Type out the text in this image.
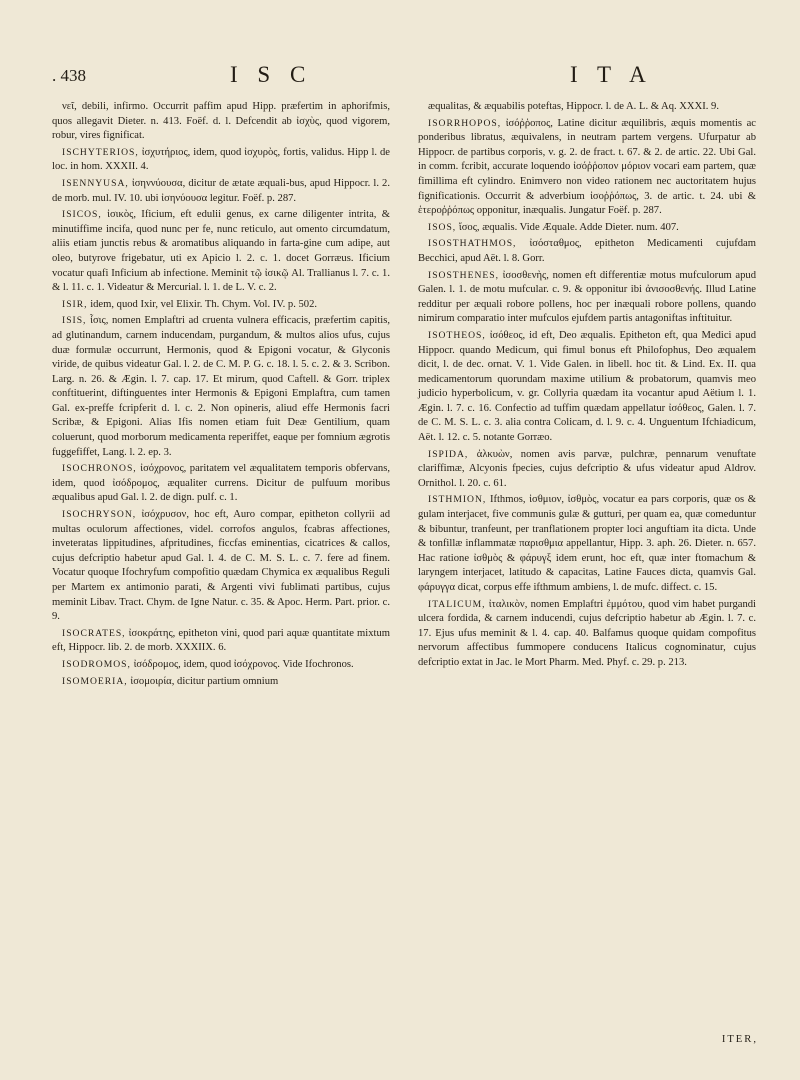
. 438	I S C	I T A

νεῖ, debili, infirmo. Occurrit paffim apud Hipp. præfertim in aphorifmis, quos allegavit Dieter. n. 413. Foëf. d. l. Defcendit ab ἰσχὺς, quod vigorem, robur, vires fignificat.

ISCHYTERIOS, ἰσχυτήριος, idem, quod ἰσχυρὸς, fortis, validus. Hipp l. de loc. in hom. XXXII. 4.

ISENNYUSA, ἰσηννύουσα, dicitur de ætate æquali-bus, apud Hippocr. l. 2. de morb. mul. IV. 10. ubi ἰσηνύουσα legitur. Foëf. p. 287.

ISICOS, ἰσικὸς, Ificium, eft edulii genus, ex carne diligenter intrita, & minutiffime incifa, quod nunc per fe, nunc reticulo, aut omento circumdatum, aliis etiam junctis rebus & aromatibus aliquando in farta-gine cum adipe, aut oleo, butyrove frigebatur, uti ex Apicio l. 2. c. 1. docet Gorræus. Ificium vocatur quafi Inficium ab infectione. Meminit τῷ ἰσικῷ Al. Trallianus l. 7. c. 1. & l. 11. c. 1. Videatur & Mercurial. l. 1. de L. V. c. 2.

ISIR, idem, quod Ixir, vel Elixir. Th. Chym. Vol. IV. p. 502.

ISIS, ἶσις, nomen Emplaftri ad cruenta vulnera efficacis, præfertim capitis, ad glutinandum, carnem inducendam, purgandum, & multos alios ufus, cujus duæ formulæ occurrunt, Hermonis, quod & Epigoni vocatur, & Glyconis viride, de quibus videatur Gal. l. 2. de C. M. P. G. c. 18. l. 5. c. 2. & 3. Scribon. Larg. n. 26. & Ægin. l. 7. cap. 17. Et mirum, quod Caftell. & Gorr. triplex conftituerint, diftinguentes inter Hermonis & Epigoni Emplaftra, cum tamen Gal. ex-preffe fcripferit d. l. c. 2. Non opineris, aliud effe Hermonis facri Scribæ, & Epigoni. Alias Ifis nomen etiam fuit Deæ Gentilium, quam coluerunt, quod morborum medicamenta reperiffet, eaque per fomnium ægrotis fuggefiffet, Lang. l. 2. ep. 3.

ISOCHRONOS, ἰσόχρονος, paritatem vel æqualitatem temporis obfervans, idem, quod ἰσόδρομος, æqualiter currens. Dicitur de pulfuum moribus æqualibus apud Gal. l. 2. de dign. pulf. c. 1.

ISOCHRYSON, ἰσόχρυσον, hoc eft, Auro compar, epitheton collyrii ad multas oculorum affectiones, videl. corrofos angulos, fcabras affectiones, inveteratas lippitudines, afpritudines, ficcfas eminentias, cicatrices & callos, cujus defcriptio habetur apud Gal. l. 4. de C. M. S. L. c. 7. fere ad finem. Vocatur quoque Ifochryfum compofitio quædam Chymica ex æqualibus Reguli per Martem ex antimonio parati, & Argenti vivi fublimati partibus, cujus meminit Libav. Tract. Chym. de Igne Natur. c. 35. & Apoc. Herm. Part. prior. c. 9.

ISOCRATES, ἰσοκράτης, epitheton vini, quod pari aquæ quantitate mixtum eft, Hippocr. lib. 2. de morb. XXXIIX. 6.

ISODROMOS, ἰσόδρομος, idem, quod ἰσόχρονος. Vide Ifochronos.

ISOMOERIA, ἰσομοιρία, dicitur partium omnium

æqualitas, & æquabilis poteftas, Hippocr. l. de A. L. & Aq. XXXI. 9.

ISORRHOPOS, ἰσόῤῥοπος, Latine dicitur æquilibris, æquis momentis ac ponderibus libratus, æquivalens, in neutram partem vergens. Ufurpatur ab Hippocr. de partibus corporis, v. g. 2. de fract. t. 67. & 2. de artic. 22. Ubi Gal. in comm. fcribit, accurate loquendo ἰσόῤῥοπον μόριον vocari eam partem, quæ fimillima eft cylindro. Enimvero non video rationem nec auctoritatem hujus fignificationis. Occurrit & adverbium ἰσοῤῥόπως, 3. de artic. t. 24. ubi & ἑτεροῤῥόπως opponitur, inæqualis. Jungatur Foëf. p. 287.

ISOS, ἴσος, æqualis. Vide Æquale. Adde Dieter. num. 407.

ISOSTHATHMOS, ἰσόσταθμος, epitheton Medicamenti cujufdam Becchici, apud Aët. l. 8. Gorr.

ISOSTHENES, ἰσοσθενὴς, nomen eft differentiæ motus mufculorum apud Galen. l. 1. de motu mufcular. c. 9. & opponitur ibi ἀνισοσθενής. Illud Latine redditur per æquali robore pollens, hoc per inæquali robore pollens, quando nimirum comparatio inter mufculos ejufdem partis antagoniftas inftituitur.

ISOTHEOS, ἰσόθεος, id eft, Deo æqualis. Epitheton eft, qua Medici apud Hippocr. quando Medicum, qui fimul bonus eft Philofophus, Deo æqualem dicit, l. de dec. ornat. V. 1. Vide Galen. in libell. hoc tit. & Lind. Ex. II. qua medicamentorum quorundam maxime utilium & probatorum, quamvis meo judicio hyperbolicum, v. gr. Collyria quædam ita vocantur apud Aëtium l. 1. Ægin. l. 7. c. 16. Confectio ad tuffim quædam appellatur ἰσόθεος, Galen. l. 7. de C. M. S. L. c. 3. alia contra Colicam, d. l. 9. c. 4. Unguentum Ifchiadicum, Aët. l. 12. c. 5. notante Gorræo.

ISPIDA, ἀλκυὼν, nomen avis parvæ, pulchræ, pennarum venuftate clariffimæ, Alcyonis fpecies, cujus defcriptio & ufus videatur apud Aldrov. Ornithol. l. 20. c. 61.

ISTHMION, Ifthmos, ἰσθμιον, ἰσθμὸς, vocatur ea pars corporis, quæ os & gulam interjacet, five communis gulæ & gutturi, per quam ea, quæ comeduntur & bibuntur, tranfeunt, per tranflationem propter loci anguftiam ita dicta. Unde & tonfillæ inflammatæ παρισθμια appellantur, Hipp. 3. aph. 26. Dieter. n. 657. Hac ratione ἰσθμὸς & φάρυγξ idem erunt, hoc eft, quæ inter ftomachum & laryngem interjacet, latitudo & capacitas, Latine Fauces dicta, quamvis Gal. φάρυγγα dicat, corpus effe ifthmum ambiens, l. de mufc. diffect. c. 15.

ITALICUM, ἰταλικὸν, nomen Emplaftri ἐμμότου, quod vim habet purgandi ulcera fordida, & carnem inducendi, cujus defcriptio habetur ab Ægin. l. 7. c. 17. Ejus ufus meminit & l. 4. cap. 40. Balfamus quoque quidam compofitus nervorum affectibus fummopere conducens Italicus cognominatur, cujus defcriptio extat in Jac. le Mort Pharm. Med. Phyf. c. 29. p. 213.

ITER,
